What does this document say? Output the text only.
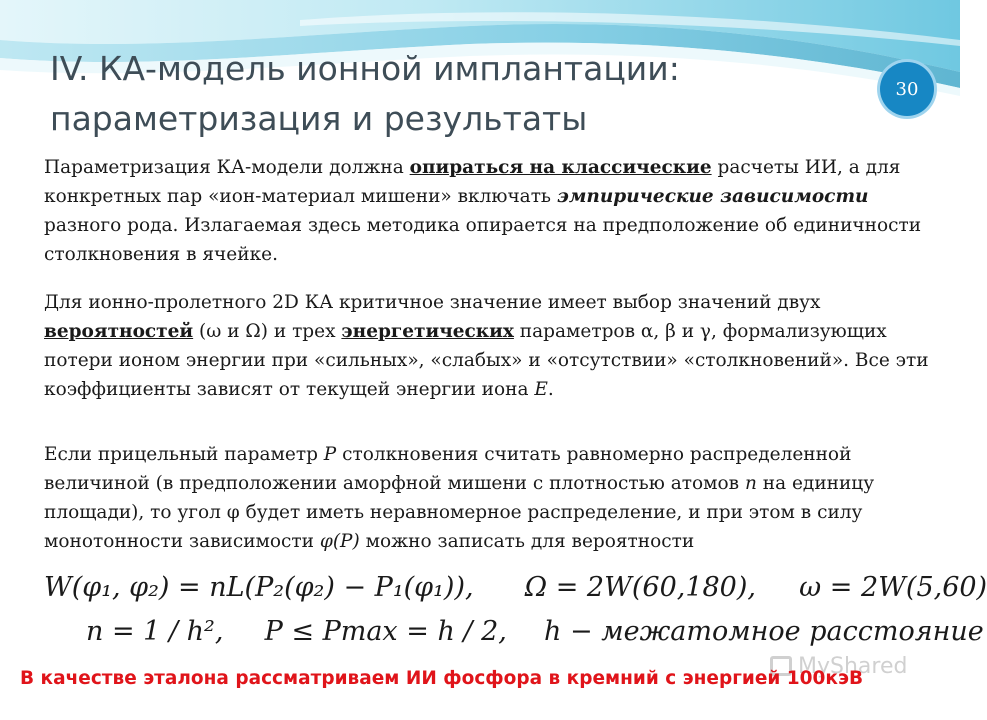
IV. КА-модель ионной имплантации:
параметризация и результаты
30

Параметризация КА-модели должна опираться на классические расчеты ИИ, а для конкретных пар «ион-материал мишени» включать эмпирические зависимости разного рода. Излагаемая здесь методика опирается на предположение об единичности столкновения в ячейке.

Для ионно-пролетного 2D КА критичное значение имеет выбор значений двух вероятностей (ω и Ω) и трех энергетических параметров α, β и γ, формализующих потери ионом энергии при «сильных», «слабых» и «отсутствии» «столкновений». Все эти коэффициенты зависят от текущей энергии иона E.

Если прицельный параметр P столкновения считать равномерно распределенной величиной (в предположении аморфной мишени с плотностью атомов n на единицу площади), то угол φ будет иметь неравномерное распределение, и при этом в силу монотонности зависимости φ(P) можно записать для вероятности

W(φ₁, φ₂) = nL(P₂(φ₂) − P₁(φ₁)), Ω = 2W(60,180), ω = 2W(5,60)
n = 1 / h², P ≤ Pmax = h / 2, h − межатомное расстояние
MyShared

В качестве эталона рассматриваем ИИ фосфора в кремний с энергией 100кэВ
